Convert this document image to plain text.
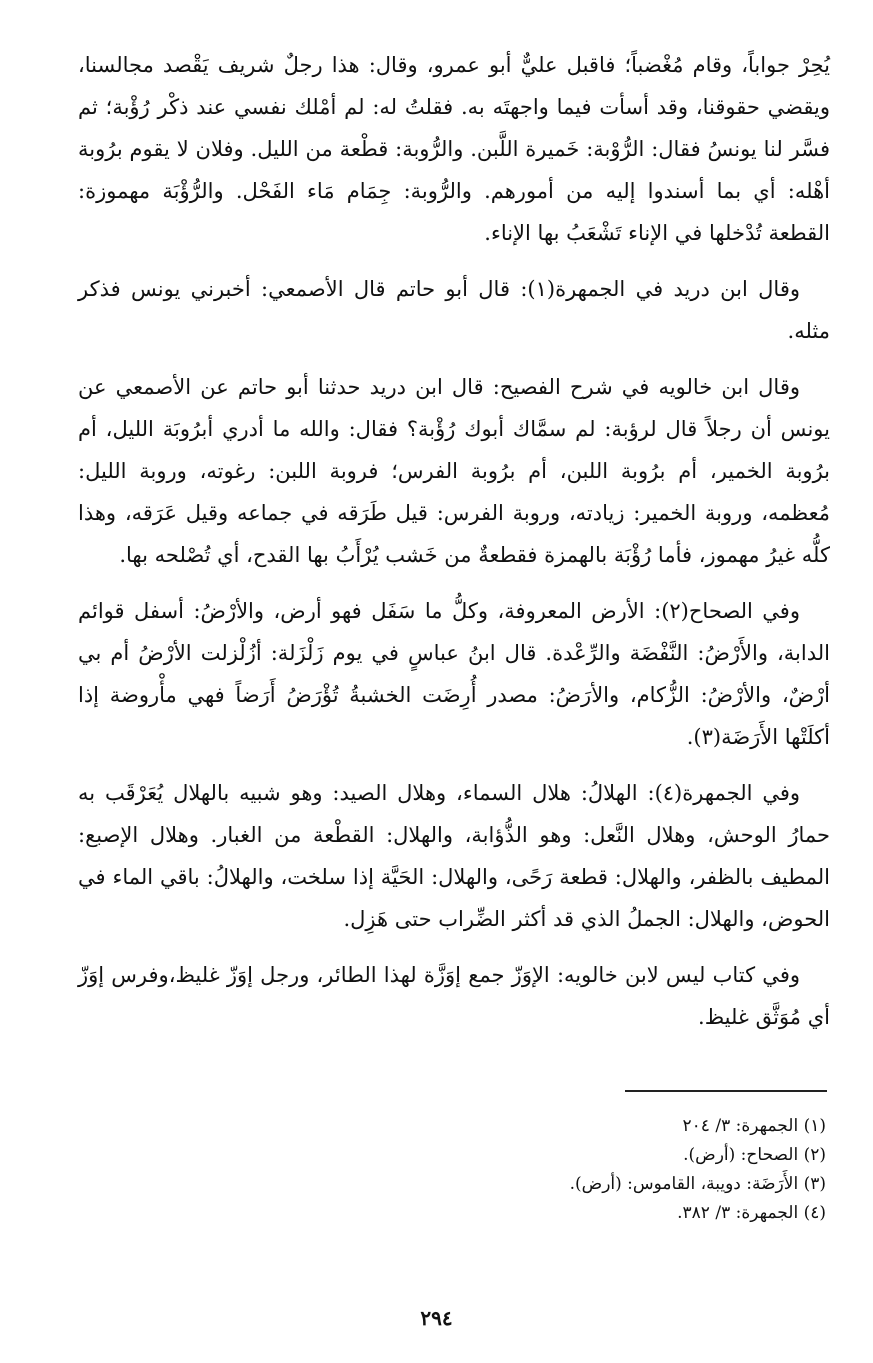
يُحِرْ جواباً، وقام مُغْضباً؛ فاقبل عليٌّ أبو عمرو، وقال: هذا رجلٌ شريف يَقْصد مجالسنا، ويقضي حقوقنا، وقد أسأت فيما واجهتَه به. فقلتُ له: لم أمْلك نفسي عند ذكْر رُؤْبة؛ ثم فسَّر لنا يونسُ فقال: الرُّوْبة: خَميرة اللَّبن. والرُّوبة: قطْعة من الليل. وفلان لا يقوم برُوبة أهْله: أي بما أسندوا إليه من أمورهم. والرُّوبة: جِمَام مَاء الفَحْل. والرُّؤْبَة مهموزة: القطعة تُدْخلها في الإناء تَشْعَبُ بها الإناء.

وقال ابن دريد في الجمهرة(١): قال أبو حاتم قال الأصمعي: أخبرني يونس فذكر مثله.

وقال ابن خالويه في شرح الفصيح: قال ابن دريد حدثنا أبو حاتم عن الأصمعي عن يونس أن رجلاً قال لرؤبة: لم سمَّاك أبوك رُؤْبة؟ فقال: والله ما أدري أبرُوبَة الليل، أم برُوبة الخمير، أم برُوبة اللبن، أم برُوبة الفرس؛ فروبة اللبن: رغوته، وروبة الليل: مُعظمه، وروبة الخمير: زيادته، وروبة الفرس: قيل طَرَقه في جماعه وقيل عَرَقه، وهذا كلُّه غيرُ مهموز، فأما رُؤْبَة بالهمزة فقطعةٌ من خَشب يُرْأَبُ بها القدح، أي تُصْلحه بها.

وفي الصحاح(٢): الأرض المعروفة، وكلُّ ما سَفَل فهو أرض، والأرْضُ: أسفل قوائم الدابة، والأَرْضُ: النَّفْضَة والرِّعْدة. قال ابنُ عباسٍ في يوم زَلْزَلة: أزُلْزلت الأرْضُ أم بي أرْضٌ، والأرْضُ: الزُّكام، والأرَضُ: مصدر أُرِضَت الخشبةُ تُؤْرَضُ أَرَضاً فهي مأْروضة إذا أكلَتْها الأَرَضَة(٣).

وفي الجمهرة(٤): الهلالُ: هلال السماء، وهلال الصيد: وهو شبيه بالهلال يُعَرْقَب به حمارُ الوحش، وهلال النَّعل: وهو الذُّؤابة، والهلال: القطْعة من الغبار. وهلال الإصبع: المطيف بالظفر، والهلال: قطعة رَحًى، والهلال: الحَيَّة إذا سلخت، والهلالُ: باقي الماء في الحوض، والهلال: الجملُ الذي قد أكثر الضِّراب حتى هَزِل.

وفي كتاب ليس لابن خالويه: الإوَزّ جمع إوَزَّة لهذا الطائر، ورجل إوَزّ غليظ،وفرس إوَزّ أي مُوَثَّق غليظ.

(١) الجمهرة: ٣/ ٢٠٤

(٢) الصحاح: (أرض).

(٣) الأَرَضَة: دويبة، القاموس: (أرض).

(٤) الجمهرة: ٣/ ٣٨٢.

٢٩٤
